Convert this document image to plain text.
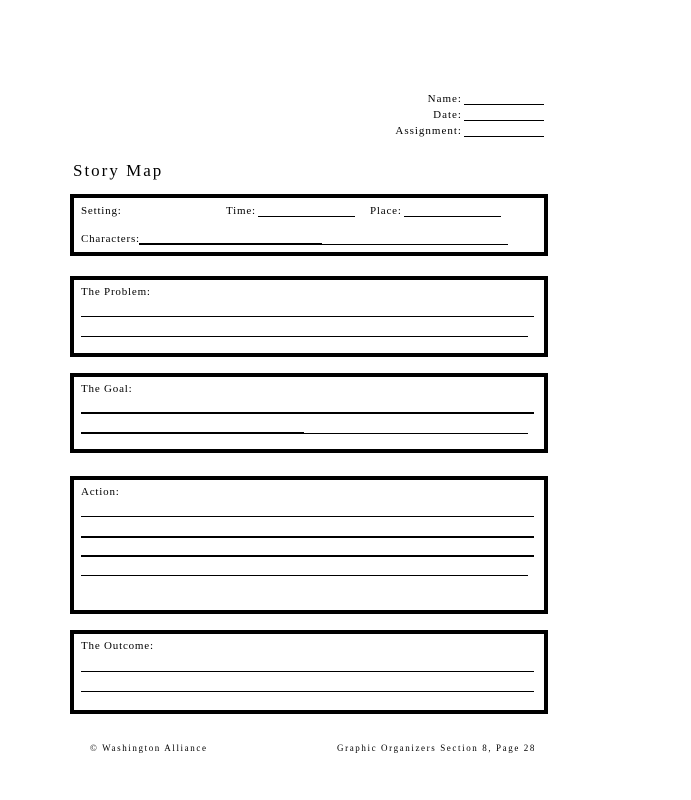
Name:
Date:
Assignment:
Story Map
Setting:	Time:	Place:
Characters:
The Problem:
The Goal:
Action:
The Outcome:
© Washington Alliance	Graphic Organizers Section 8, Page 28
